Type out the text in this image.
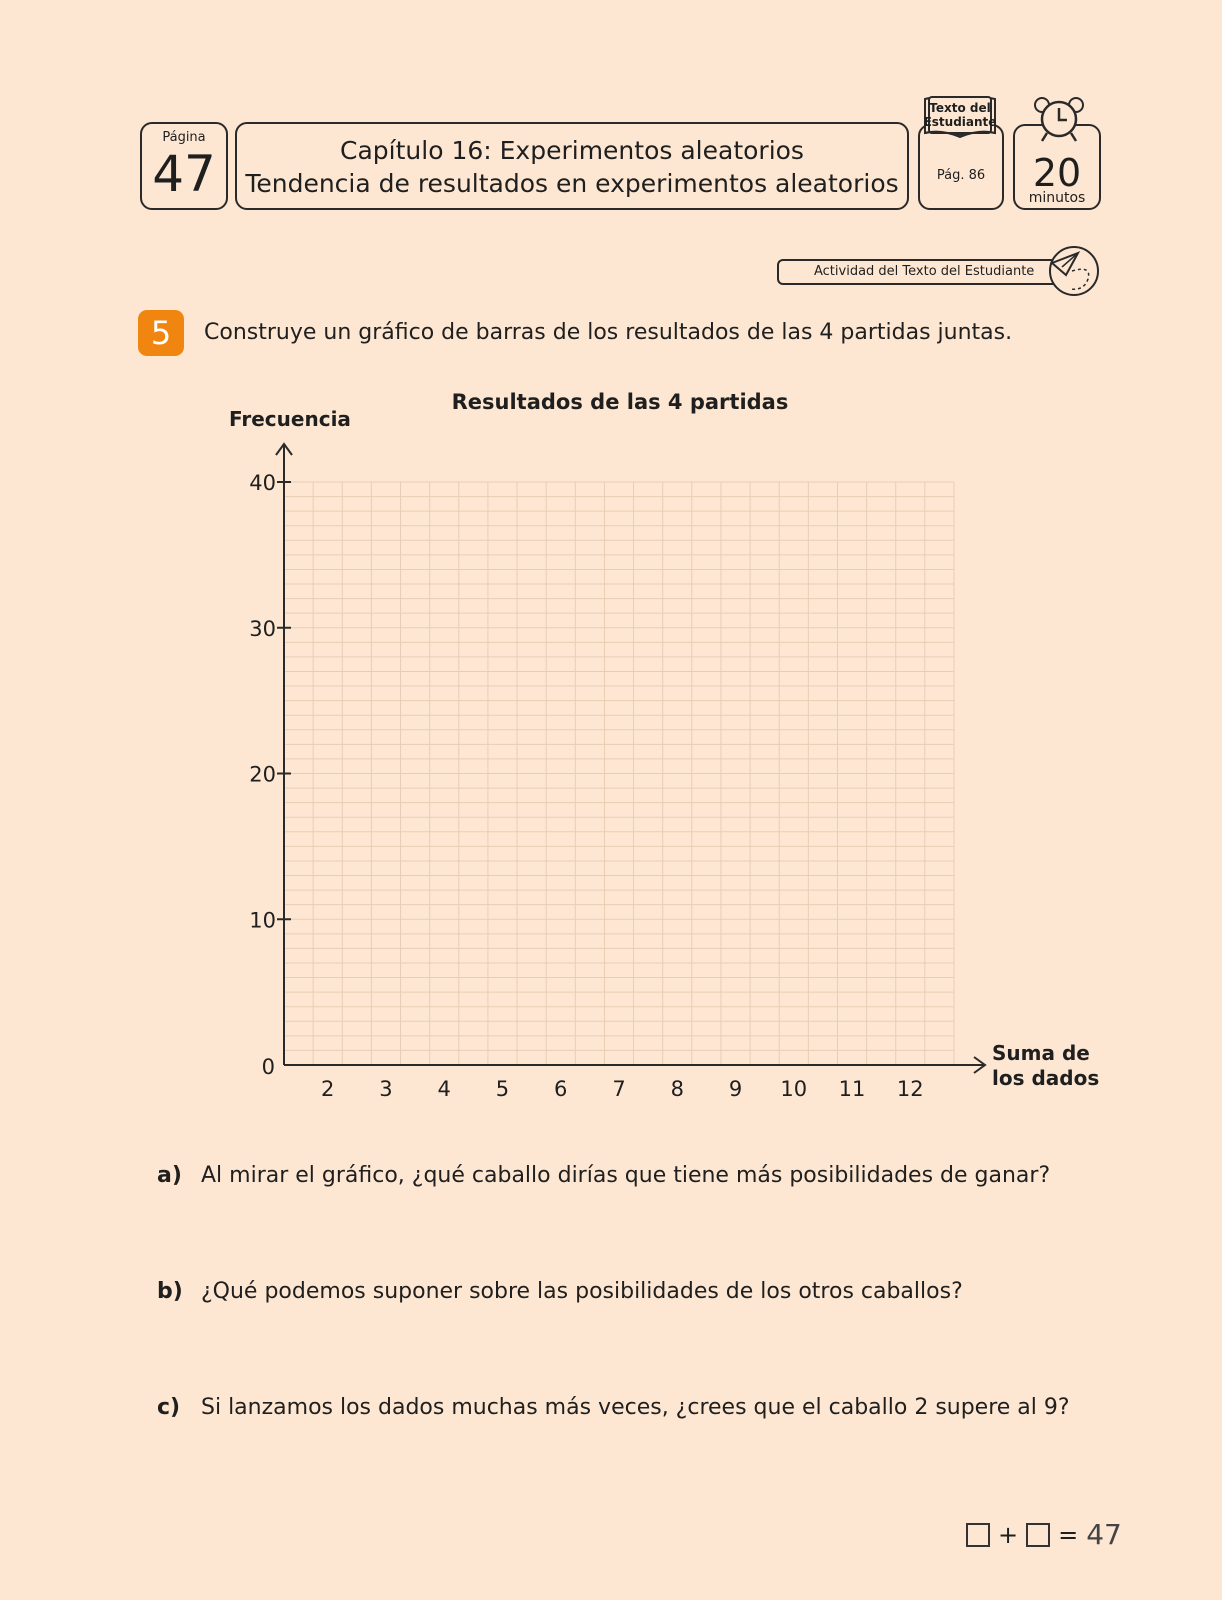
Página
47	Capítulo 16: Experimentos aleatorios
Tendencia de resultados en experimentos aleatorios	Pág. 86
Texto del
Estudiante
20
minutos
Actividad del Texto del Estudiante
5	Construye un gráfico de barras de los resultados de las 4 partidas juntas.
0
10
20
30
40
2 3 4 5 6 7 8 9 10 11 12
Resultados de las 4 partidas
Frecuencia
Suma de
los dados
a) Al mirar el gráfico, ¿qué caballo dirías que tiene más posibilidades de ganar?
b) ¿Qué podemos suponer sobre las posibilidades de los otros caballos?
c) Si lanzamos los dados muchas más veces, ¿crees que el caballo 2 supere al 9?
+ = 47
